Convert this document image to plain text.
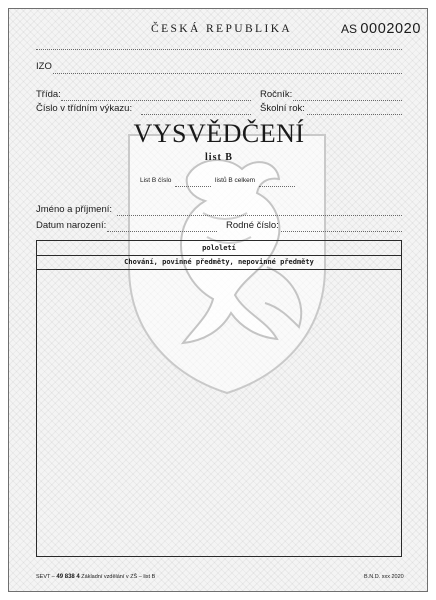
ČESKÁ REPUBLIKA	AS 0002020
IZO
Třída:	Ročník:
Číslo v třídním výkazu:	Školní rok:
VYSVĚDČENÍ
list B
List B číslo	listů B celkem
Jméno a příjmení:
Datum narození:	Rodné číslo:
pololetí
Chování, povinné předměty, nepovinné předměty
SEVT – 49 838 4 Základní vzdělání v ZŠ – list B	B.N.D. xxx 2020
